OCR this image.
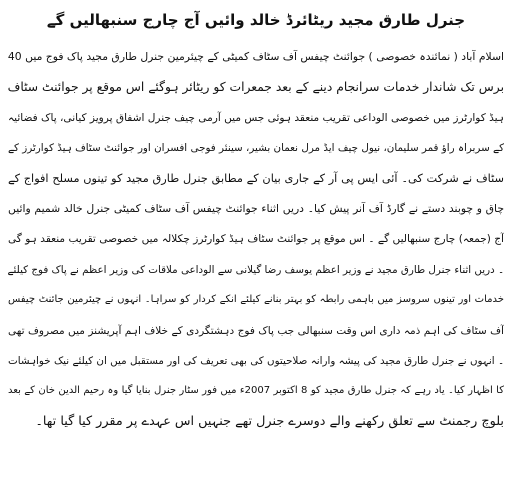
جنرل طارق مجید ریٹائرڈ خالد وائیں آج چارج سنبھالیں گے
اسلام آباد ( نمائندہ خصوصی ) جوائنٹ چیفس آف سٹاف کمیٹی کے چیئرمین جنرل طارق مجید پاک فوج میں 40
برس تک شاندار خدمات سرانجام دینے کے بعد جمعرات کو ریٹائر ہوگئے اس موقع پر جوائنٹ سٹاف
ہیڈ کوارٹرز میں خصوصی الوداعی تقریب منعقد ہوئی جس میں آرمی چیف جنرل اشفاق پرویز کیانی، پاک فضائیہ
کے سربراہ راؤ قمر سلیمان، نیول چیف ایڈ مرل نعمان بشیر، سینئر فوجی افسران اور جوائنٹ سٹاف ہیڈ کوارٹرز کے
سٹاف نے شرکت کی۔ آئی ایس پی آر کے جاری بیان کے مطابق جنرل طارق مجید کو تینوں مسلح افواج کے
چاق و چوبند دستے نے گارڈ آف آنر پیش کیا۔ دریں اثناء جوائنٹ چیفس آف سٹاف کمیٹی جنرل خالد شمیم وائیں
آج (جمعہ) چارج سنبھالیں گے ۔ اس موقع پر جوائنٹ سٹاف ہیڈ کوارٹرز چکلالہ میں خصوصی تقریب منعقد ہو گی
۔ دریں اثناء جنرل طارق مجید نے وزیر اعظم یوسف رضا گیلانی سے الوداعی ملاقات کی وزیر اعظم نے پاک فوج کیلئے
خدمات اور تینوں سروسز میں باہمی رابطہ کو بہتر بنانے کیلئے انکے کردار کو سراہا۔ انہوں نے چیئرمین جائنٹ چیفس
آف سٹاف کی اہم ذمہ داری اس وقت سنبھالی جب پاک فوج دہشتگردی کے خلاف اہم آپریشنز میں مصروف تھی
۔ انہوں نے جنرل طارق مجید کی پیشہ وارانہ صلاحیتوں کی بھی تعریف کی اور مستقبل میں ان کیلئے نیک خواہشات
کا اظہار کیا۔ یاد رہے کہ جنرل طارق مجید کو 8 اکتوبر 2007ء میں فور سٹار جنرل بنایا گیا وہ رحیم الدین خان کے بعد
بلوچ رجمنٹ سے تعلق رکھنے والے دوسرے جنرل تھے جنہیں اس عہدے پر مقرر کیا گیا تھا۔
